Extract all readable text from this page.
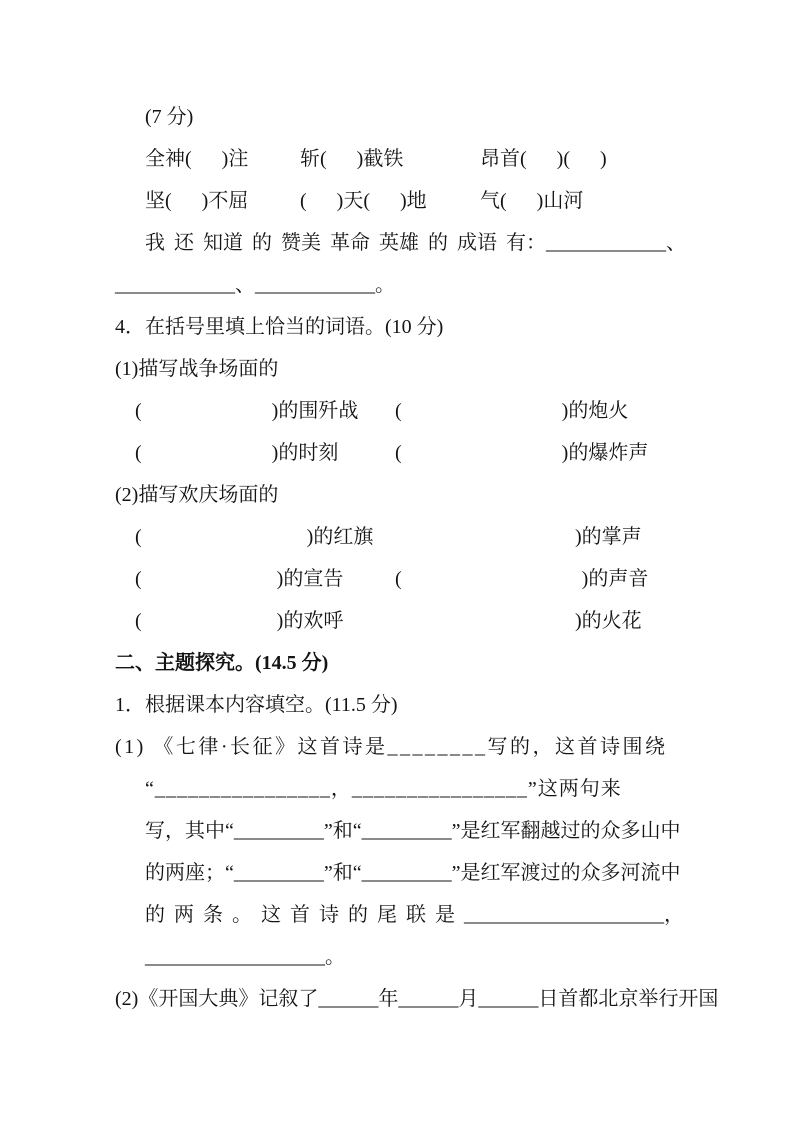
(7 分)
全神(      )注	斩(      )截铁	昂首(      )(      )
坚(      )不屈	(      )天(      )地	气(      )山河
我 还 知道 的 赞美 革命 英雄 的 成语 有：____________、
____________、____________。
4．在括号里填上恰当的词语。(10 分)
(1)描写战争场面的
(                          )的围歼战	(                                )的炮火
(                          )的时刻	(                                )的爆炸声
(2)描写欢庆场面的
(                                 )的红旗	)的掌声
(                           )的宣告	(                                    )的声音
(                           )的欢呼	)的火花
二、主题探究。(14.5 分)
1．根据课本内容填空。(11.5 分)
(1) 《七律·长征》这首诗是________写的，这首诗围绕
“________________，________________”这两句来
写，其中“_________”和“_________”是红军翻越过的众多山中
的两座；“_________”和“_________”是红军渡过的众多河流中
的 两 条 。 这 首 诗 的 尾 联 是 ____________________，
__________________。
(2)《开国大典》记叙了______年______月______日首都北京举行开国
